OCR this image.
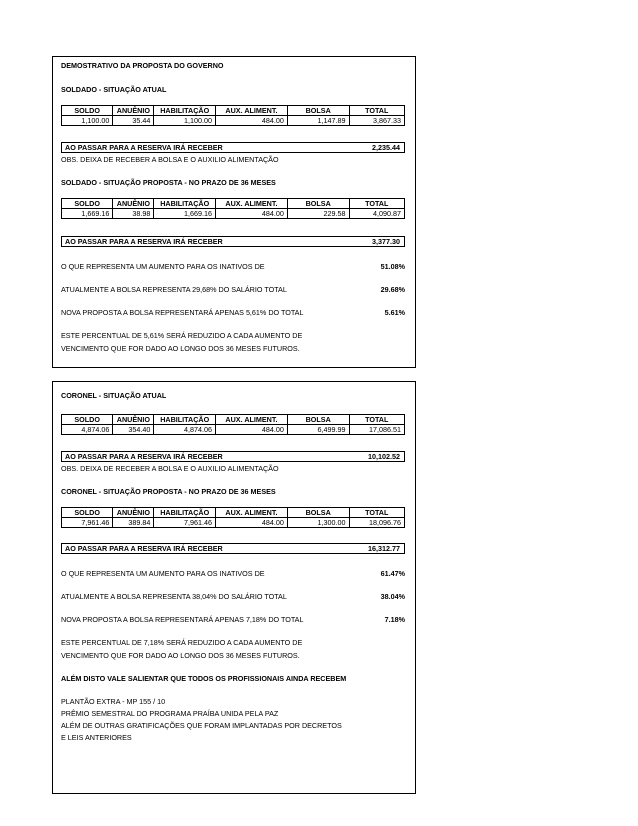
DEMOSTRATIVO DA PROPOSTA DO GOVERNO
SOLDADO - SITUAÇÃO ATUAL
SOLDO	ANUÊNIO	HABILITAÇÃO	AUX. ALIMENT.	BOLSA	TOTAL
1,100.00	35.44	1,100.00	484.00	1,147.89	3,867.33
AO PASSAR PARA A RESERVA IRÁ RECEBER	2,235.44
OBS. DEIXA DE RECEBER A BOLSA E O AUXILIO ALIMENTAÇÃO
SOLDADO - SITUAÇÃO PROPOSTA - NO PRAZO DE 36 MESES
SOLDO	ANUÊNIO	HABILITAÇÃO	AUX. ALIMENT.	BOLSA	TOTAL
1,669.16	38.98	1,669.16	484.00	229.58	4,090.87
AO PASSAR PARA A RESERVA IRÁ RECEBER	3,377.30
O QUE REPRESENTA UM AUMENTO PARA OS INATIVOS DE	51.08%
ATUALMENTE A BOLSA REPRESENTA 29,68% DO SALÁRIO TOTAL	29.68%
NOVA PROPOSTA A BOLSA REPRESENTARÁ APENAS 5,61% DO TOTAL	5.61%
ESTE PERCENTUAL DE 5,61% SERÁ REDUZIDO A CADA AUMENTO DE
VENCIMENTO QUE FOR DADO AO LONGO DOS 36 MESES FUTUROS.
CORONEL - SITUAÇÃO ATUAL
SOLDO	ANUÊNIO	HABILITAÇÃO	AUX. ALIMENT.	BOLSA	TOTAL
4,874.06	354.40	4,874.06	484.00	6,499.99	17,086.51
AO PASSAR PARA A RESERVA IRÁ RECEBER	10,102.52
OBS. DEIXA DE RECEBER A BOLSA E O AUXILIO ALIMENTAÇÃO
CORONEL - SITUAÇÃO PROPOSTA - NO PRAZO DE 36 MESES
SOLDO	ANUÊNIO	HABILITAÇÃO	AUX. ALIMENT.	BOLSA	TOTAL
7,961.46	389.84	7,961.46	484.00	1,300.00	18,096.76
AO PASSAR PARA A RESERVA IRÁ RECEBER	16,312.77
O QUE REPRESENTA UM AUMENTO PARA OS INATIVOS DE	61.47%
ATUALMENTE A BOLSA REPRESENTA 38,04% DO SALÁRIO TOTAL	38.04%
NOVA PROPOSTA A BOLSA REPRESENTARÁ APENAS 7,18% DO TOTAL	7.18%
ESTE PERCENTUAL DE 7,18% SERÁ REDUZIDO A CADA AUMENTO DE
VENCIMENTO QUE FOR DADO AO LONGO DOS 36 MESES FUTUROS.
ALÉM DISTO VALE SALIENTAR QUE TODOS OS PROFISSIONAIS AINDA RECEBEM
PLANTÃO EXTRA - MP 155 / 10
PRÊMIO SEMESTRAL DO PROGRAMA PRAÍBA UNIDA PELA PAZ
ALÉM DE OUTRAS GRATIFICAÇÕES QUE FORAM IMPLANTADAS POR DECRETOS
E LEIS ANTERIORES
